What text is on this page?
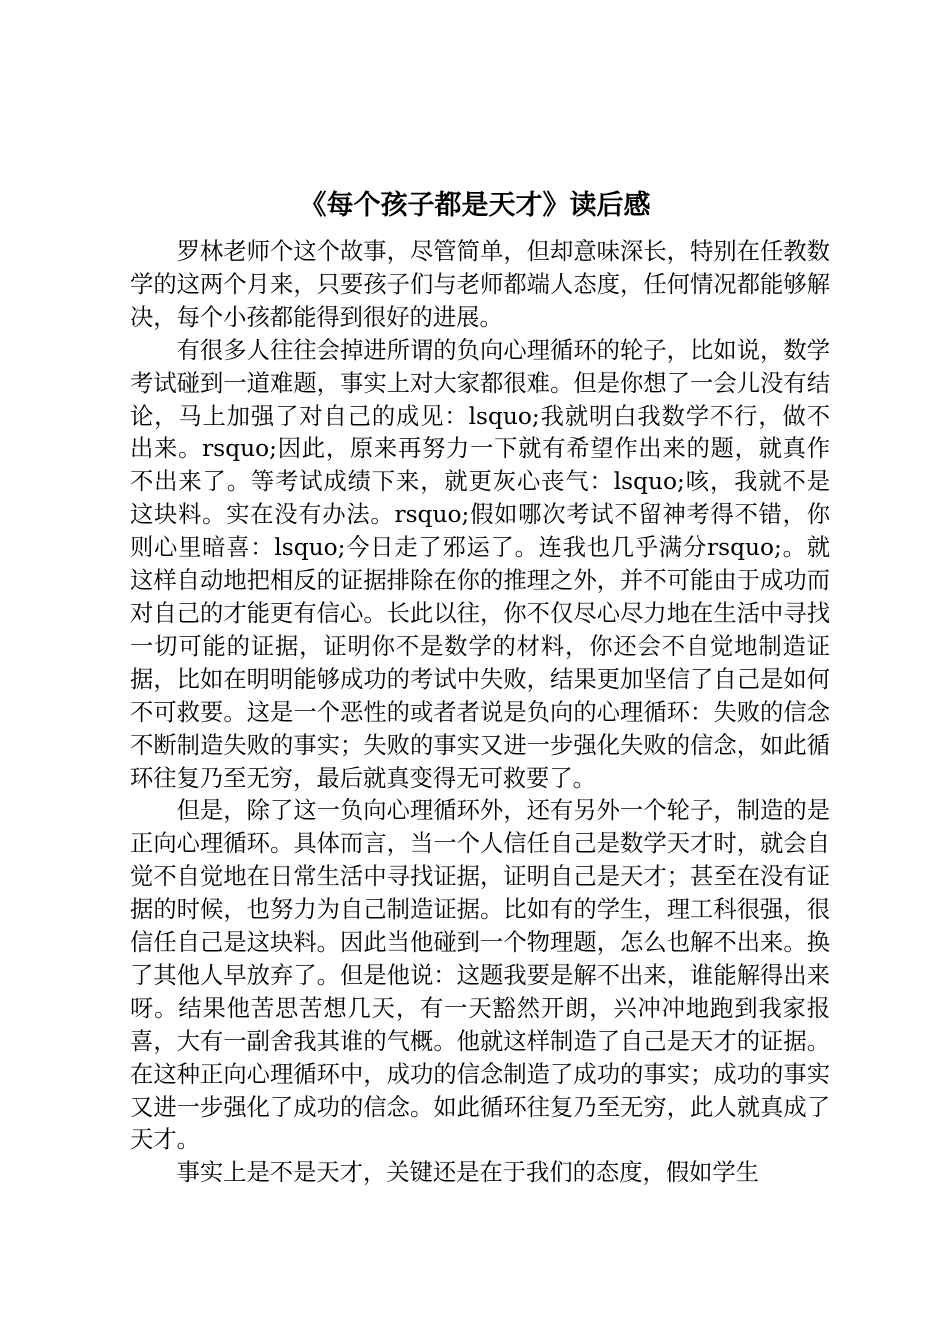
《每个孩子都是天才》读后感

罗林老师个这个故事，尽管简单，但却意味深长，特别在任教数学的这两个月来，只要孩子们与老师都端人态度，任何情况都能够解决，每个小孩都能得到很好的进展。

有很多人往往会掉进所谓的负向心理循环的轮子，比如说，数学考试碰到一道难题，事实上对大家都很难。但是你想了一会儿没有结论，马上加强了对自己的成见：lsquo;我就明白我数学不行，做不出来。rsquo;因此，原来再努力一下就有希望作出来的题，就真作不出来了。等考试成绩下来，就更灰心丧气：lsquo;咳，我就不是这块料。实在没有办法。rsquo;假如哪次考试不留神考得不错，你则心里暗喜：lsquo;今日走了邪运了。连我也几乎满分rsquo;。就这样自动地把相反的证据排除在你的推理之外，并不可能由于成功而对自己的才能更有信心。长此以往，你不仅尽心尽力地在生活中寻找一切可能的证据，证明你不是数学的材料，你还会不自觉地制造证据，比如在明明能够成功的考试中失败，结果更加坚信了自己是如何不可救要。这是一个恶性的或者者说是负向的心理循环：失败的信念不断制造失败的事实；失败的事实又进一步强化失败的信念，如此循环往复乃至无穷，最后就真变得无可救要了。

但是，除了这一负向心理循环外，还有另外一个轮子，制造的是正向心理循环。具体而言，当一个人信任自己是数学天才时，就会自觉不自觉地在日常生活中寻找证据，证明自己是天才；甚至在没有证据的时候，也努力为自己制造证据。比如有的学生，理工科很强，很信任自己是这块料。因此当他碰到一个物理题，怎么也解不出来。换了其他人早放弃了。但是他说：这题我要是解不出来，谁能解得出来呀。结果他苦思苦想几天，有一天豁然开朗，兴冲冲地跑到我家报喜，大有一副舍我其谁的气概。他就这样制造了自己是天才的证据。在这种正向心理循环中，成功的信念制造了成功的事实；成功的事实又进一步强化了成功的信念。如此循环往复乃至无穷，此人就真成了天才。

事实上是不是天才，关键还是在于我们的态度，假如学生
